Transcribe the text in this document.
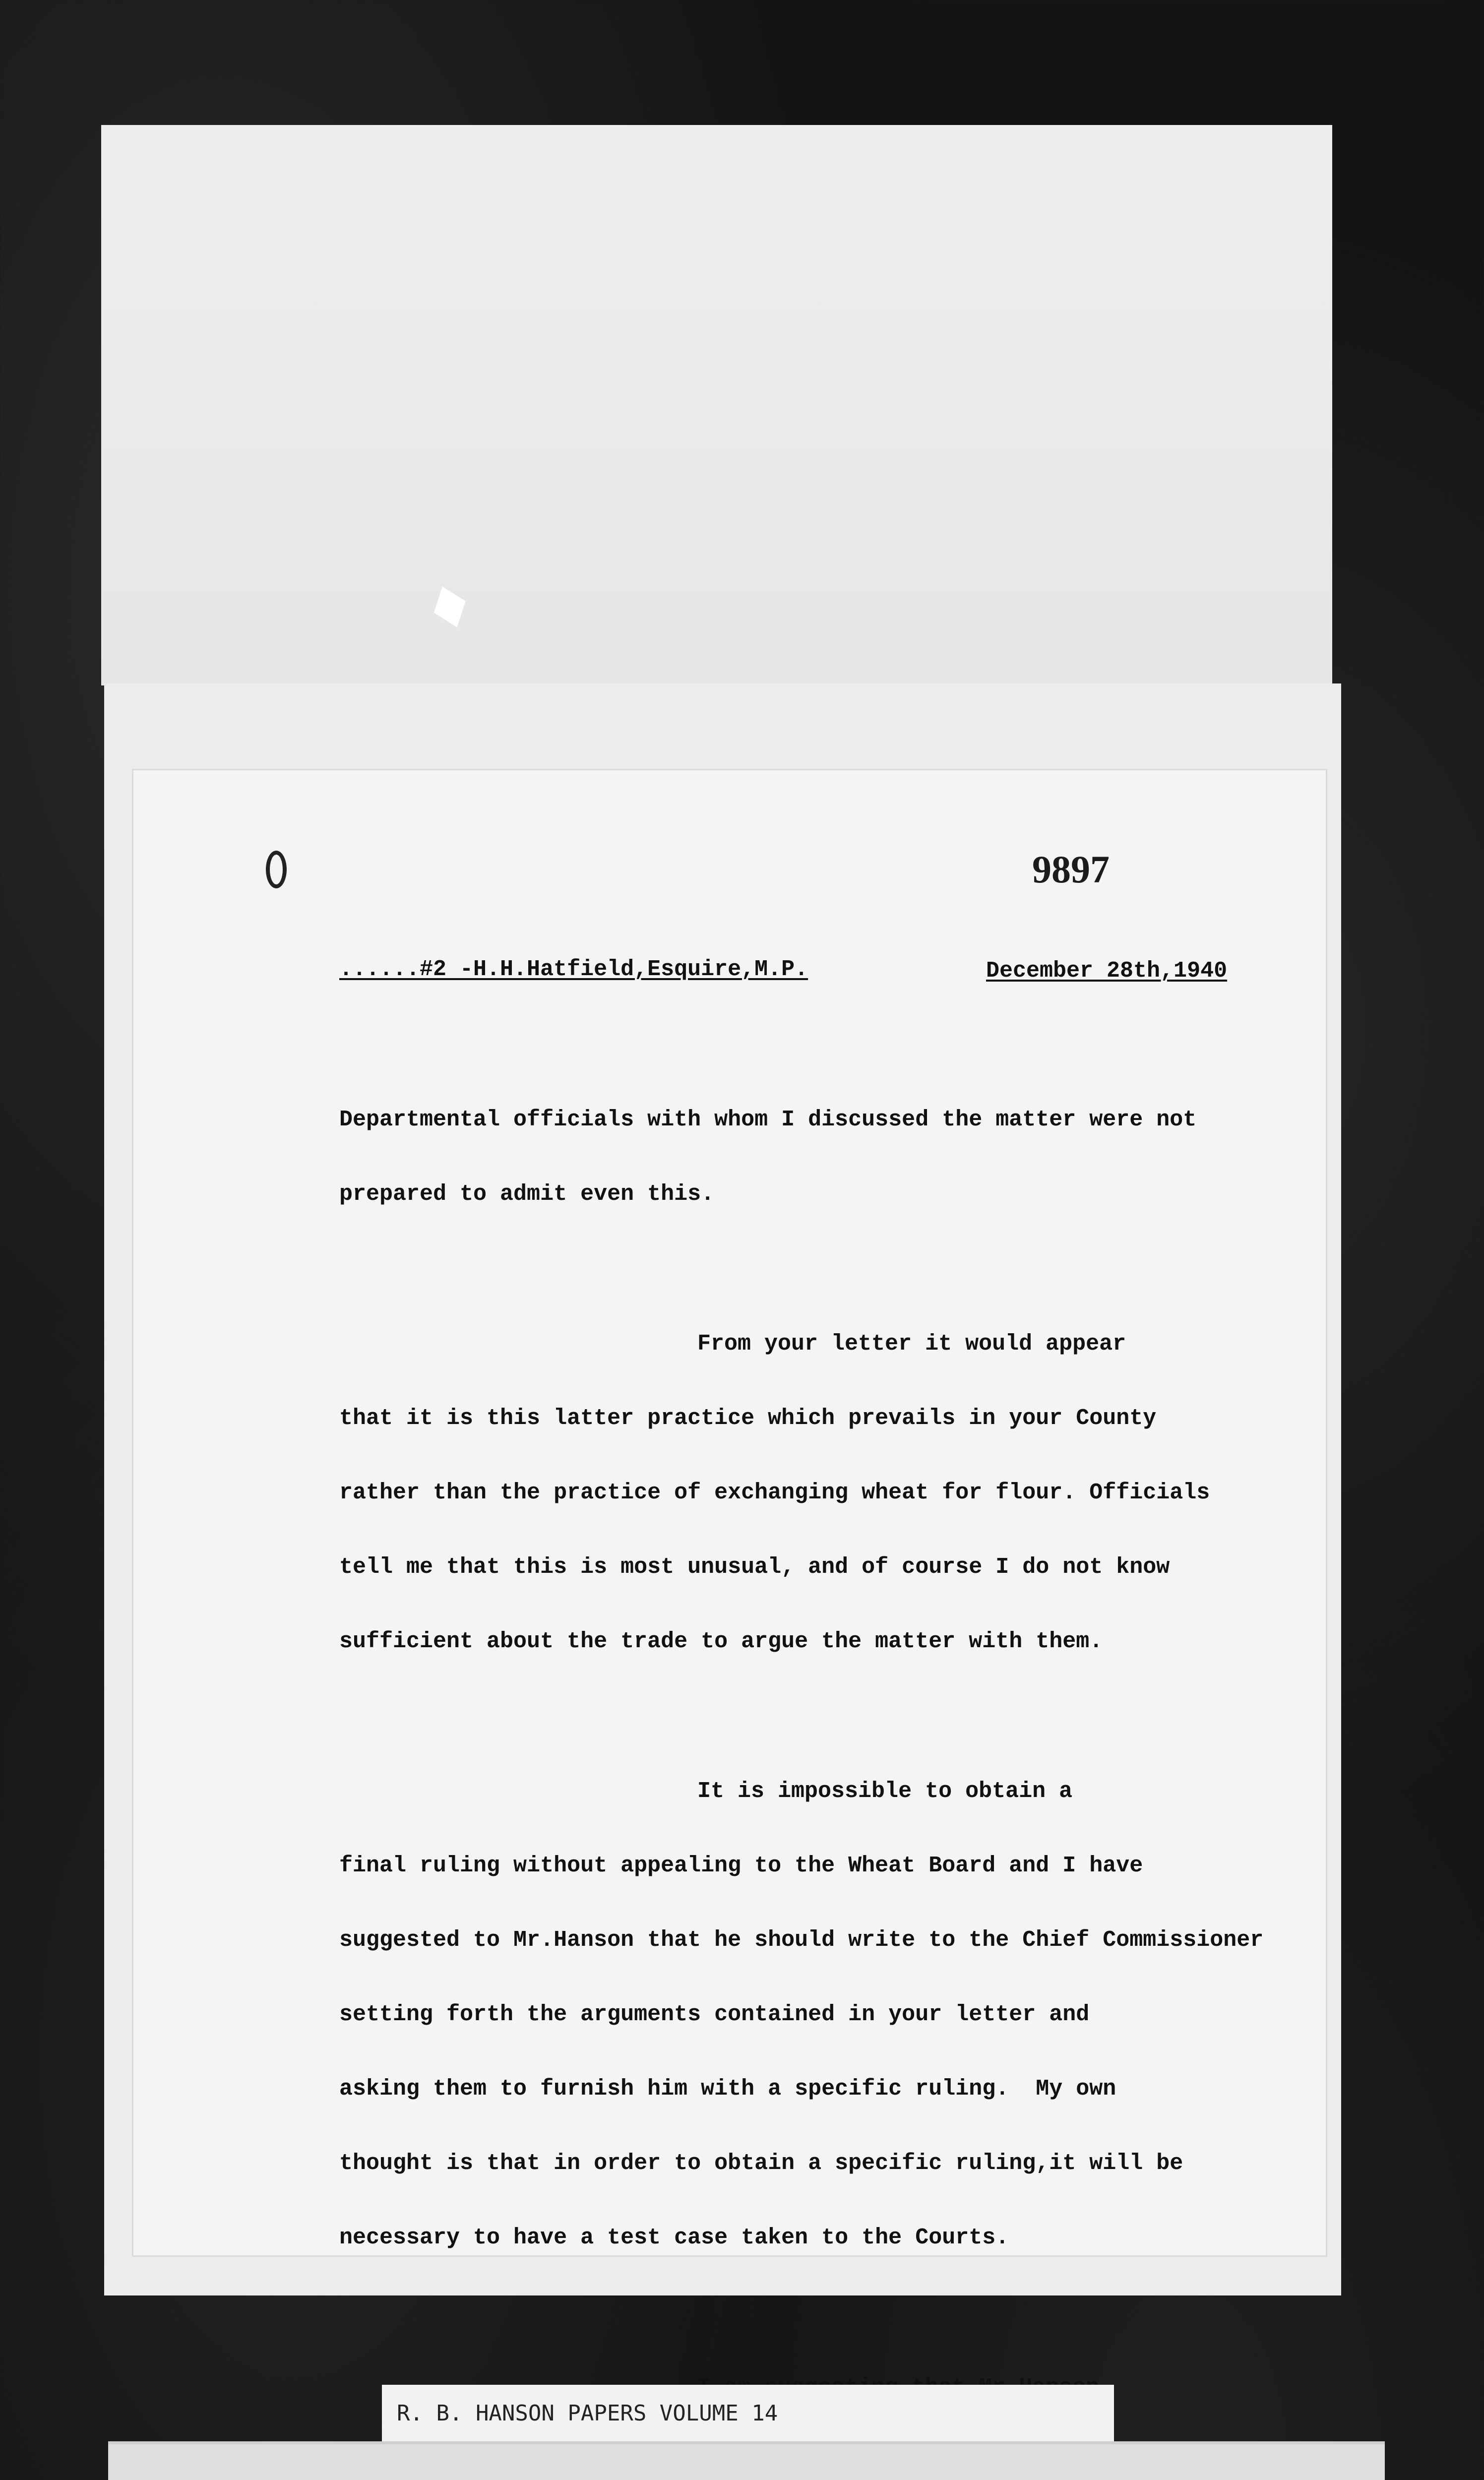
♦
9897
......#2 -H.H.Hatfield,Esquire,M.P.	December 28th,1940

Departmental officials with whom I discussed the matter were not

prepared to admit even this.

From your letter it would appear

that it is this latter practice which prevails in your County

rather than the practice of exchanging wheat for flour. Officials

tell me that this is most unusual, and of course I do not know

sufficient about the trade to argue the matter with them.

It is impossible to obtain a

final ruling without appealing to the Wheat Board and I have

suggested to Mr.Hanson that he should write to the Chief Commissioner

setting forth the arguments contained in your letter and

asking them to furnish him with a specific ruling.  My own

thought is that in order to obtain a specific ruling,it will be

necessary to have a test case taken to the Courts.

R. B. HANSON PAPERS VOLUME 14
